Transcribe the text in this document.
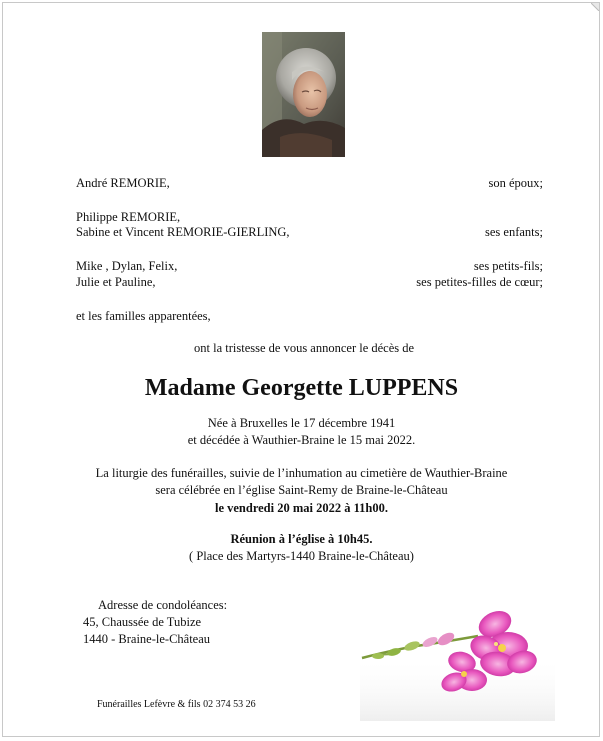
André REMORIE,	son époux;
Philippe REMORIE,
Sabine et Vincent REMORIE-GIERLING,	ses enfants;
Mike , Dylan, Felix,	ses petits-fils;
Julie et Pauline,	ses petites-filles de cœur;
et les familles apparentées,
ont la tristesse de vous annoncer le décès de
Madame Georgette LUPPENS
Née à Bruxelles le 17 décembre 1941
et décédée à Wauthier-Braine le 15 mai 2022.
La liturgie des funérailles, suivie de l’inhumation au cimetière de Wauthier-Braine
sera célébrée en l’église Saint-Remy de Braine-le-Château
le vendredi 20 mai 2022 à 11h00.
Réunion à l’église à 10h45.
( Place des Martyrs-1440 Braine-le-Château)
Adresse de condoléances:
45, Chaussée de Tubize
1440 - Braine-le-Château
Funérailles Lefèvre & fils 02 374 53 26
